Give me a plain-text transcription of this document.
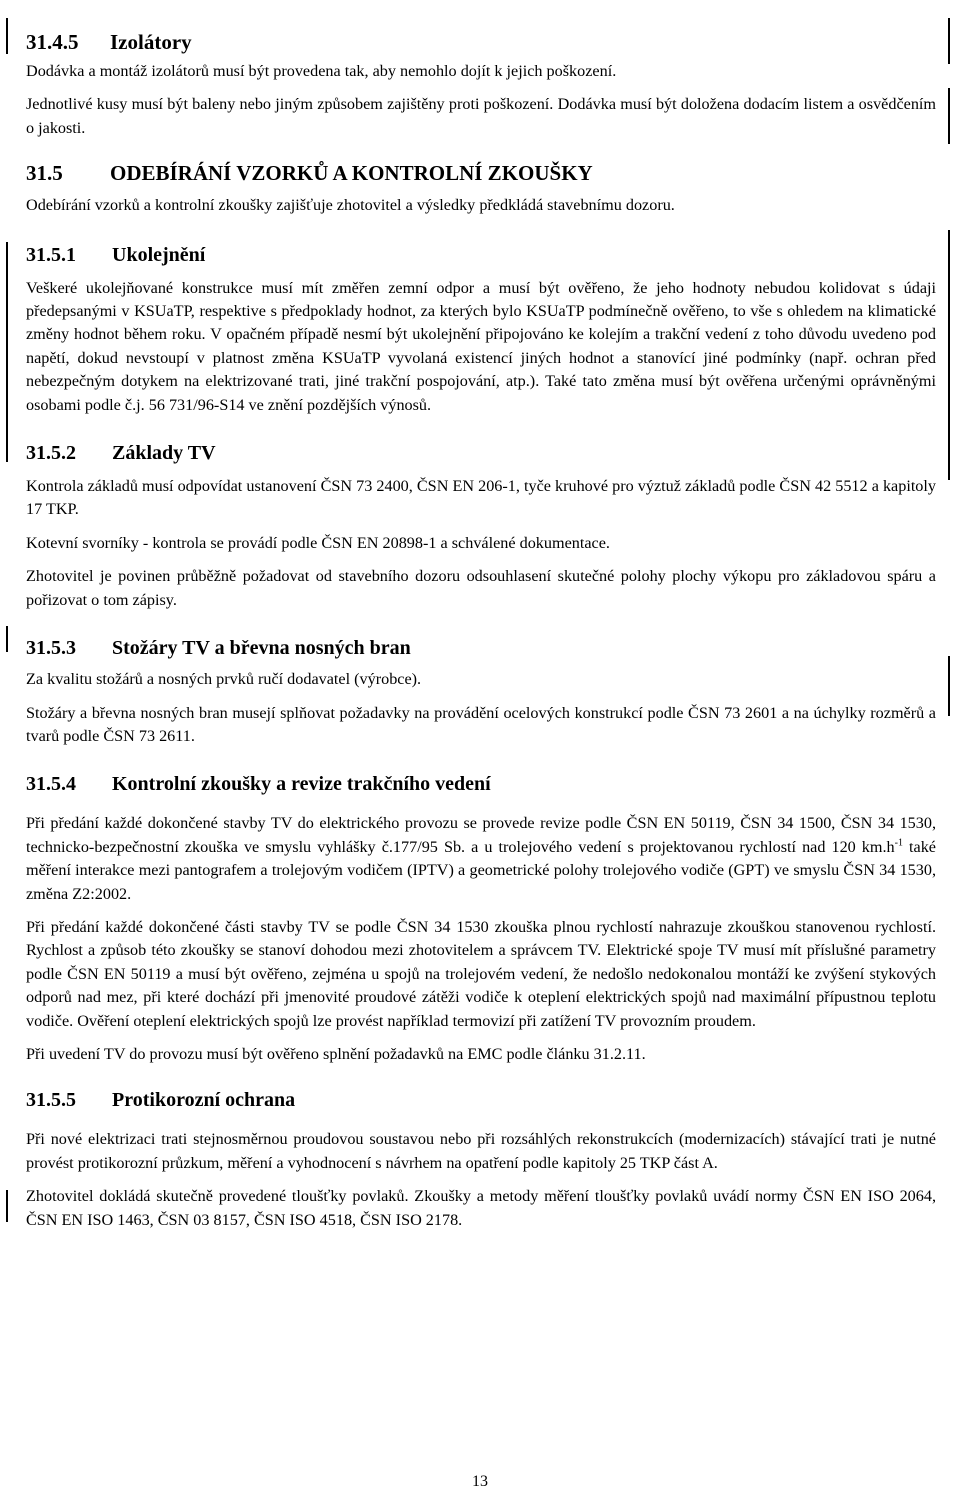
31.4.5 Izolátory

Dodávka a montáž izolátorů musí být provedena tak, aby nemohlo dojít k jejich poškození.

Jednotlivé kusy musí být baleny nebo jiným způsobem zajištěny proti poškození. Dodávka musí být doložena dodacím listem a osvědčením o jakosti.

31.5 ODEBÍRÁNÍ VZORKŮ A KONTROLNÍ ZKOUŠKY

Odebírání vzorků a kontrolní zkoušky zajišťuje zhotovitel a výsledky předkládá stavebnímu dozoru.

31.5.1 Ukolejnění

Veškeré ukolejňované konstrukce musí mít změřen zemní odpor a musí být ověřeno, že jeho hodnoty nebudou kolidovat s údaji předepsanými v KSUaTP, respektive s předpoklady hodnot, za kterých bylo KSUaTP podmínečně ověřeno, to vše s ohledem na klimatické změny hodnot během roku. V opačném případě nesmí být ukolejnění připojováno ke kolejím a trakční vedení z toho důvodu uvedeno pod napětí, dokud nevstoupí v platnost změna KSUaTP vyvolaná existencí jiných hodnot a stanovící jiné podmínky (např. ochran před nebezpečným dotykem na elektrizované trati, jiné trakční pospojování, atp.). Také tato změna musí být ověřena určenými oprávněnými osobami podle č.j. 56 731/96-S14 ve znění pozdějších výnosů.

31.5.2 Základy TV

Kontrola základů musí odpovídat ustanovení ČSN 73 2400, ČSN EN 206-1, tyče kruhové pro výztuž základů podle ČSN 42 5512 a kapitoly 17 TKP.

Kotevní svorníky - kontrola se provádí podle ČSN EN 20898-1 a schválené dokumentace.

Zhotovitel je povinen průběžně požadovat od stavebního dozoru odsouhlasení skutečné polohy plochy výkopu pro základovou spáru a pořizovat o tom zápisy.

31.5.3 Stožáry TV a břevna nosných bran

Za kvalitu stožárů a nosných prvků ručí dodavatel (výrobce).

Stožáry a břevna nosných bran musejí splňovat požadavky na provádění ocelových konstrukcí podle ČSN 73 2601 a na úchylky rozměrů a tvarů podle ČSN 73 2611.

31.5.4 Kontrolní zkoušky a revize trakčního vedení

Při předání každé dokončené stavby TV do elektrického provozu se provede revize podle ČSN EN 50119, ČSN 34 1500, ČSN 34 1530, technicko-bezpečnostní zkouška ve smyslu vyhlášky č.177/95 Sb. a u trolejového vedení s projektovanou rychlostí nad 120 $km.h^{-1}$ také měření interakce mezi pantografem a trolejovým vodičem (IPTV) a geometrické polohy trolejového vodiče (GPT) ve smyslu ČSN 34 1530, změna Z2:2002.

Při předání každé dokončené části stavby TV se podle ČSN 34 1530 zkouška plnou rychlostí nahrazuje zkouškou stanovenou rychlostí. Rychlost a způsob této zkoušky se stanoví dohodou mezi zhotovitelem a správcem TV. Elektrické spoje TV musí mít příslušné parametry podle ČSN EN 50119 a musí být ověřeno, zejména u spojů na trolejovém vedení, že nedošlo nedokonalou montáží ke zvýšení stykových odporů nad mez, při které dochází při jmenovité proudové zátěži vodiče k oteplení elektrických spojů nad maximální přípustnou teplotu vodiče. Ověření oteplení elektrických spojů lze provést například termovizí při zatížení TV provozním proudem.

Při uvedení TV do provozu musí být ověřeno splnění požadavků na EMC podle článku 31.2.11.

31.5.5 Protikorozní ochrana

Při nové elektrizaci trati stejnosměrnou proudovou soustavou nebo při rozsáhlých rekonstrukcích (modernizacích) stávající trati je nutné provést protikorozní průzkum, měření a vyhodnocení s návrhem na opatření podle kapitoly 25 TKP část A.

Zhotovitel dokládá skutečně provedené tloušťky povlaků. Zkoušky a metody měření tloušťky povlaků uvádí normy ČSN EN ISO 2064, ČSN EN ISO 1463, ČSN 03 8157, ČSN ISO 4518, ČSN ISO 2178.

13
